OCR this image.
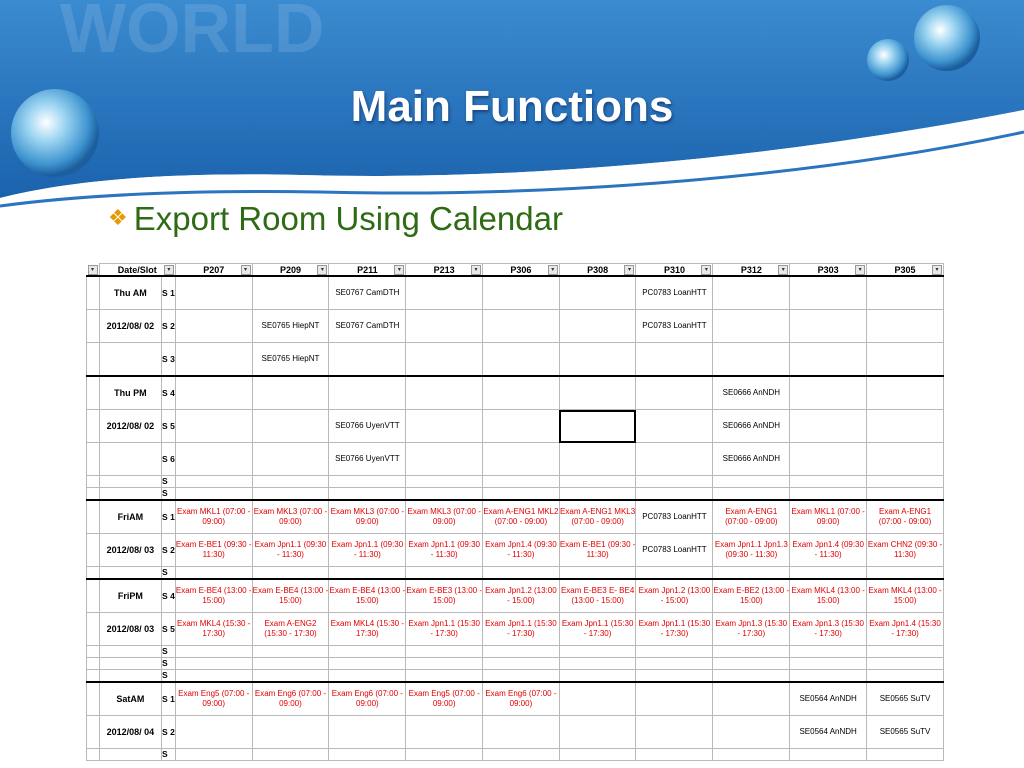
WORLD
Main Functions
❖ Export Room Using Calendar
▾	Date/Slot ▾		P207 ▾	P209 ▾	P211 ▾	P213 ▾	P306 ▾	P308 ▾	P310 ▾	P312 ▾	P303 ▾	P305 ▾

	Thu AM	S 1			SE0767 CamDTH				PC0783 LoanHTT			
	2012/08/ 02	S 2		SE0765 HiepNT	SE0767 CamDTH				PC0783 LoanHTT			
		S 3		SE0765 HiepNT								
	Thu PM	S 4								SE0666 AnNDH		
	2012/08/ 02	S 5			SE0766 UyenVTT					SE0666 AnNDH		
		S 6			SE0766 UyenVTT					SE0666 AnNDH		
		S										
		S										
	FriAM	S 1	Exam MKL1 (07:00 - 09:00)	Exam MKL3 (07:00 - 09:00)	Exam MKL3 (07:00 - 09:00)	Exam MKL3 (07:00 - 09:00)	Exam A-ENG1 MKL2 (07:00 - 09:00)	Exam A-ENG1 MKL3 (07:00 - 09:00)	PC0783 LoanHTT	Exam A-ENG1 (07:00 - 09:00)	Exam MKL1 (07:00 - 09:00)	Exam A-ENG1 (07:00 - 09:00)
	2012/08/ 03	S 2	Exam E-BE1 (09:30 - 11:30)	Exam Jpn1.1 (09:30 - 11:30)	Exam Jpn1.1 (09:30 - 11:30)	Exam Jpn1.1 (09:30 - 11:30)	Exam Jpn1.4 (09:30 - 11:30)	Exam E-BE1 (09:30 - 11:30)	PC0783 LoanHTT	Exam Jpn1.1 Jpn1.3 (09:30 - 11:30)	Exam Jpn1.4 (09:30 - 11:30)	Exam CHN2 (09:30 - 11:30)
		S										
	FriPM	S 4	Exam E-BE4 (13:00 - 15:00)	Exam E-BE4 (13:00 - 15:00)	Exam E-BE4 (13:00 - 15:00)	Exam E-BE3 (13:00 - 15:00)	Exam Jpn1.2 (13:00 - 15:00)	Exam E-BE3 E- BE4 (13:00 - 15:00)	Exam Jpn1.2 (13:00 - 15:00)	Exam E-BE2 (13:00 - 15:00)	Exam MKL4 (13:00 - 15:00)	Exam MKL4 (13:00 - 15:00)
	2012/08/ 03	S 5	Exam MKL4 (15:30 - 17:30)	Exam A-ENG2 (15:30 - 17:30)	Exam MKL4 (15:30 - 17:30)	Exam Jpn1.1 (15:30 - 17:30)	Exam Jpn1.1 (15:30 - 17:30)	Exam Jpn1.1 (15:30 - 17:30)	Exam Jpn1.1 (15:30 - 17:30)	Exam Jpn1.3 (15:30 - 17:30)	Exam Jpn1.3 (15:30 - 17:30)	Exam Jpn1.4 (15:30 - 17:30)
		S										
		S										
		S										
	SatAM	S 1	Exam Eng5 (07:00 - 09:00)	Exam Eng6 (07:00 - 09:00)	Exam Eng6 (07:00 - 09:00)	Exam Eng5 (07:00 - 09:00)	Exam Eng6 (07:00 - 09:00)				SE0564 AnNDH	SE0565 SuTV
	2012/08/ 04	S 2									SE0564 AnNDH	SE0565 SuTV
		S										
